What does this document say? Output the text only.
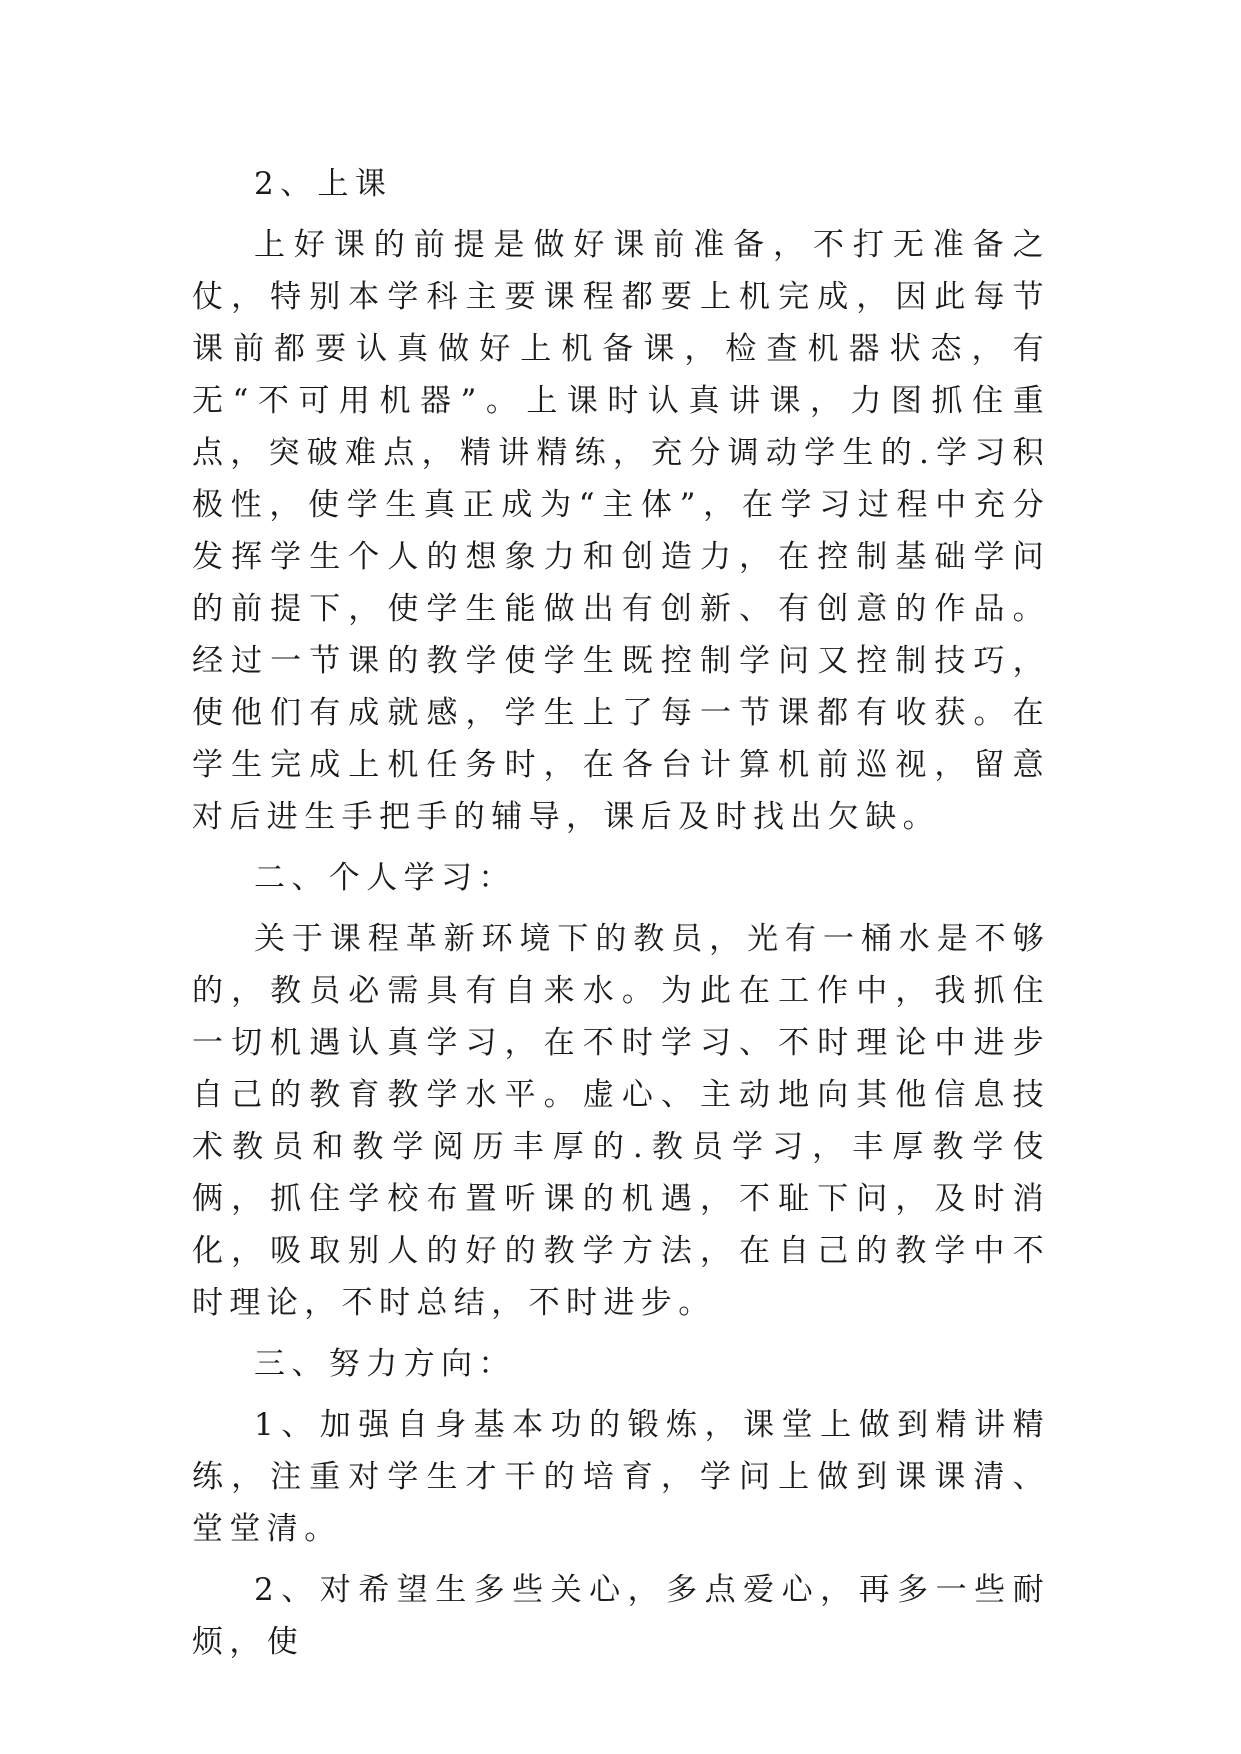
2、上课

上好课的前提是做好课前准备，不打无准备之仗，特别本学科主要课程都要上机完成，因此每节课前都要认真做好上机备课，检查机器状态，有无“不可用机器”。上课时认真讲课，力图抓住重点，突破难点，精讲精练，充分调动学生的.学习积极性，使学生真正成为“主体”，在学习过程中充分发挥学生个人的想象力和创造力，在控制基础学问的前提下，使学生能做出有创新、有创意的作品。经过一节课的教学使学生既控制学问又控制技巧，使他们有成就感，学生上了每一节课都有收获。在学生完成上机任务时，在各台计算机前巡视，留意对后进生手把手的辅导，课后及时找出欠缺。

二、个人学习：

关于课程革新环境下的教员，光有一桶水是不够的，教员必需具有自来水。为此在工作中，我抓住一切机遇认真学习，在不时学习、不时理论中进步自己的教育教学水平。虚心、主动地向其他信息技术教员和教学阅历丰厚的.教员学习，丰厚教学伎俩，抓住学校布置听课的机遇，不耻下问，及时消化，吸取别人的好的教学方法，在自己的教学中不时理论，不时总结，不时进步。

三、努力方向：

1、加强自身基本功的锻炼，课堂上做到精讲精练，注重对学生才干的培育，学问上做到课课清、堂堂清。

2、对希望生多些关心，多点爱心，再多一些耐烦，使
